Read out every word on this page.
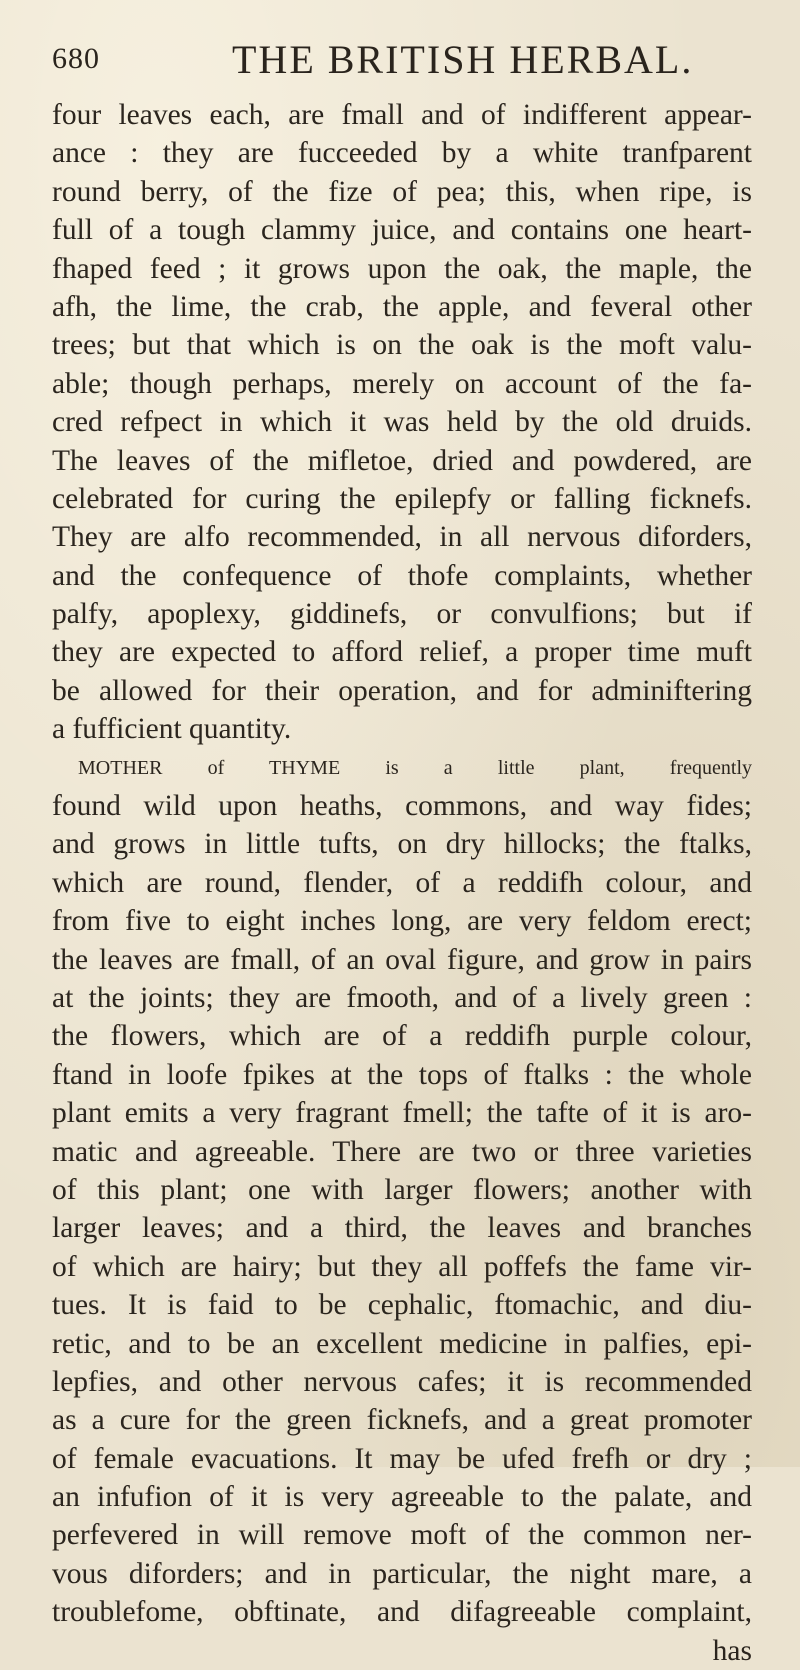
680	THE BRITISH HERBAL.
four leaves each, are fmall and of indifferent appear-
ance : they are fucceeded by a white tranfparent
round berry, of the fize of pea; this, when ripe, is
full of a tough clammy juice, and contains one heart-
fhaped feed ; it grows upon the oak, the maple, the
afh, the lime, the crab, the apple, and feveral other
trees; but that which is on the oak is the moft valu-
able; though perhaps, merely on account of the fa-
cred refpect in which it was held by the old druids.
The leaves of the mifletoe, dried and powdered, are
celebrated for curing the epilepfy or falling ficknefs.
They are alfo recommended, in all nervous diforders,
and the confequence of thofe complaints, whether
palfy, apoplexy, giddinefs, or convulfions; but if
they are expected to afford relief, a proper time muft
be allowed for their operation, and for adminiftering
a fufficient quantity.
MOTHER of THYME is a little plant, frequently
found wild upon heaths, commons, and way fides;
and grows in little tufts, on dry hillocks; the ftalks,
which are round, flender, of a reddifh colour, and
from five to eight inches long, are very feldom erect;
the leaves are fmall, of an oval figure, and grow in pairs
at the joints; they are fmooth, and of a lively green :
the flowers, which are of a reddifh purple colour,
ftand in loofe fpikes at the tops of ftalks : the whole
plant emits a very fragrant fmell; the tafte of it is aro-
matic and agreeable. There are two or three varieties
of this plant; one with larger flowers; another with
larger leaves; and a third, the leaves and branches
of which are hairy; but they all poffefs the fame vir-
tues. It is faid to be cephalic, ftomachic, and diu-
retic, and to be an excellent medicine in palfies, epi-
lepfies, and other nervous cafes; it is recommended
as a cure for the green ficknefs, and a great promoter
of female evacuations. It may be ufed frefh or dry ;
an infufion of it is very agreeable to the palate, and
perfevered in will remove moft of the common ner-
vous diforders; and in particular, the night mare, a
troublefome, obftinate, and difagreeable complaint,
has
